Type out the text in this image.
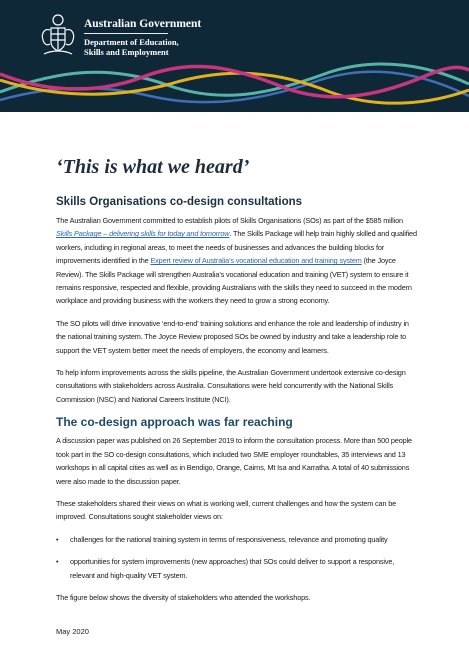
Australian Government
Department of Education,
Skills and Employment
‘This is what we heard’
Skills Organisations co-design consultations

The Australian Government committed to establish pilots of Skills Organisations (SOs) as part of the $585 million Skills Package – delivering skills for today and tomorrow. The Skills Package will help train highly skilled and qualified workers, including in regional areas, to meet the needs of businesses and advances the building blocks for improvements identified in the Expert review of Australia’s vocational education and training system (the Joyce Review). The Skills Package will strengthen Australia’s vocational education and training (VET) system to ensure it remains responsive, respected and flexible, providing Australians with the skills they need to succeed in the modern workplace and providing business with the workers they need to grow a strong economy.

The SO pilots will drive innovative ‘end-to-end’ training solutions and enhance the role and leadership of industry in the national training system. The Joyce Review proposed SOs be owned by industry and take a leadership role to support the VET system better meet the needs of employers, the economy and learners.

To help inform improvements across the skills pipeline, the Australian Government undertook extensive co-design consultations with stakeholders across Australia. Consultations were held concurrently with the National Skills Commission (NSC) and National Careers Institute (NCI).

The co-design approach was far reaching

A discussion paper was published on 26 September 2019 to inform the consultation process. More than 500 people took part in the SO co-design consultations, which included two SME employer roundtables, 35 interviews and 13 workshops in all capital cities as well as in Bendigo, Orange, Cairns, Mt Isa and Karratha. A total of 40 submissions were also made to the discussion paper.

These stakeholders shared their views on what is working well, current challenges and how the system can be improved. Consultations sought stakeholder views on:

• challenges for the national training system in terms of responsiveness, relevance and promoting quality
• opportunities for system improvements (new approaches) that SOs could deliver to support a responsive, relevant and high-quality VET system.

The figure below shows the diversity of stakeholders who attended the workshops.

May 2020
